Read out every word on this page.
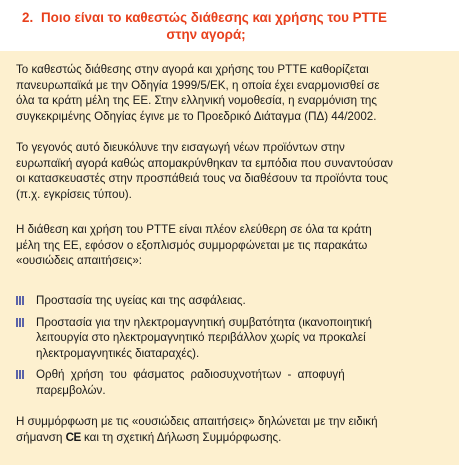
2. Ποιο είναι το καθεστώς διάθεσης και χρήσης του ΡΤΤΕ
στην αγορά;
Το καθεστώς διάθεσης στην αγορά και χρήσης του ΡΤΤΕ καθορίζεται
πανευρωπαϊκά με την Οδηγία 1999/5/ΕΚ, η οποία έχει εναρμονισθεί σε
όλα τα κράτη μέλη της ΕΕ. Στην ελληνική νομοθεσία, η εναρμόνιση της
συγκεκριμένης Οδηγίας έγινε με το Προεδρικό Διάταγμα (ΠΔ) 44/2002.
Το γεγονός αυτό διευκόλυνε την εισαγωγή νέων προϊόντων στην
ευρωπαϊκή αγορά καθώς απομακρύνθηκαν τα εμπόδια που συναντούσαν
οι κατασκευαστές στην προσπάθειά τους να διαθέσουν τα προϊόντα τους
(π.χ. εγκρίσεις τύπου).
Η διάθεση και χρήση του ΡΤΤΕ είναι πλέον ελεύθερη σε όλα τα κράτη
μέλη της ΕΕ, εφόσον ο εξοπλισμός συμμορφώνεται με τις παρακάτω
«ουσιώδεις απαιτήσεις»:
Προστασία της υγείας και της ασφάλειας.
Προστασία για την ηλεκτρομαγνητική συμβατότητα (ικανοποιητική
λειτουργία στο ηλεκτρομαγνητικό περιβάλλον χωρίς να προκαλεί
ηλεκτρομαγνητικές διαταραχές).
Ορθή χρήση του φάσματος ραδιοσυχνοτήτων - αποφυγή
παρεμβολών.
Η συμμόρφωση με τις «ουσιώδεις απαιτήσεις» δηλώνεται με την ειδική
σήμανση CE και τη σχετική Δήλωση Συμμόρφωσης.
